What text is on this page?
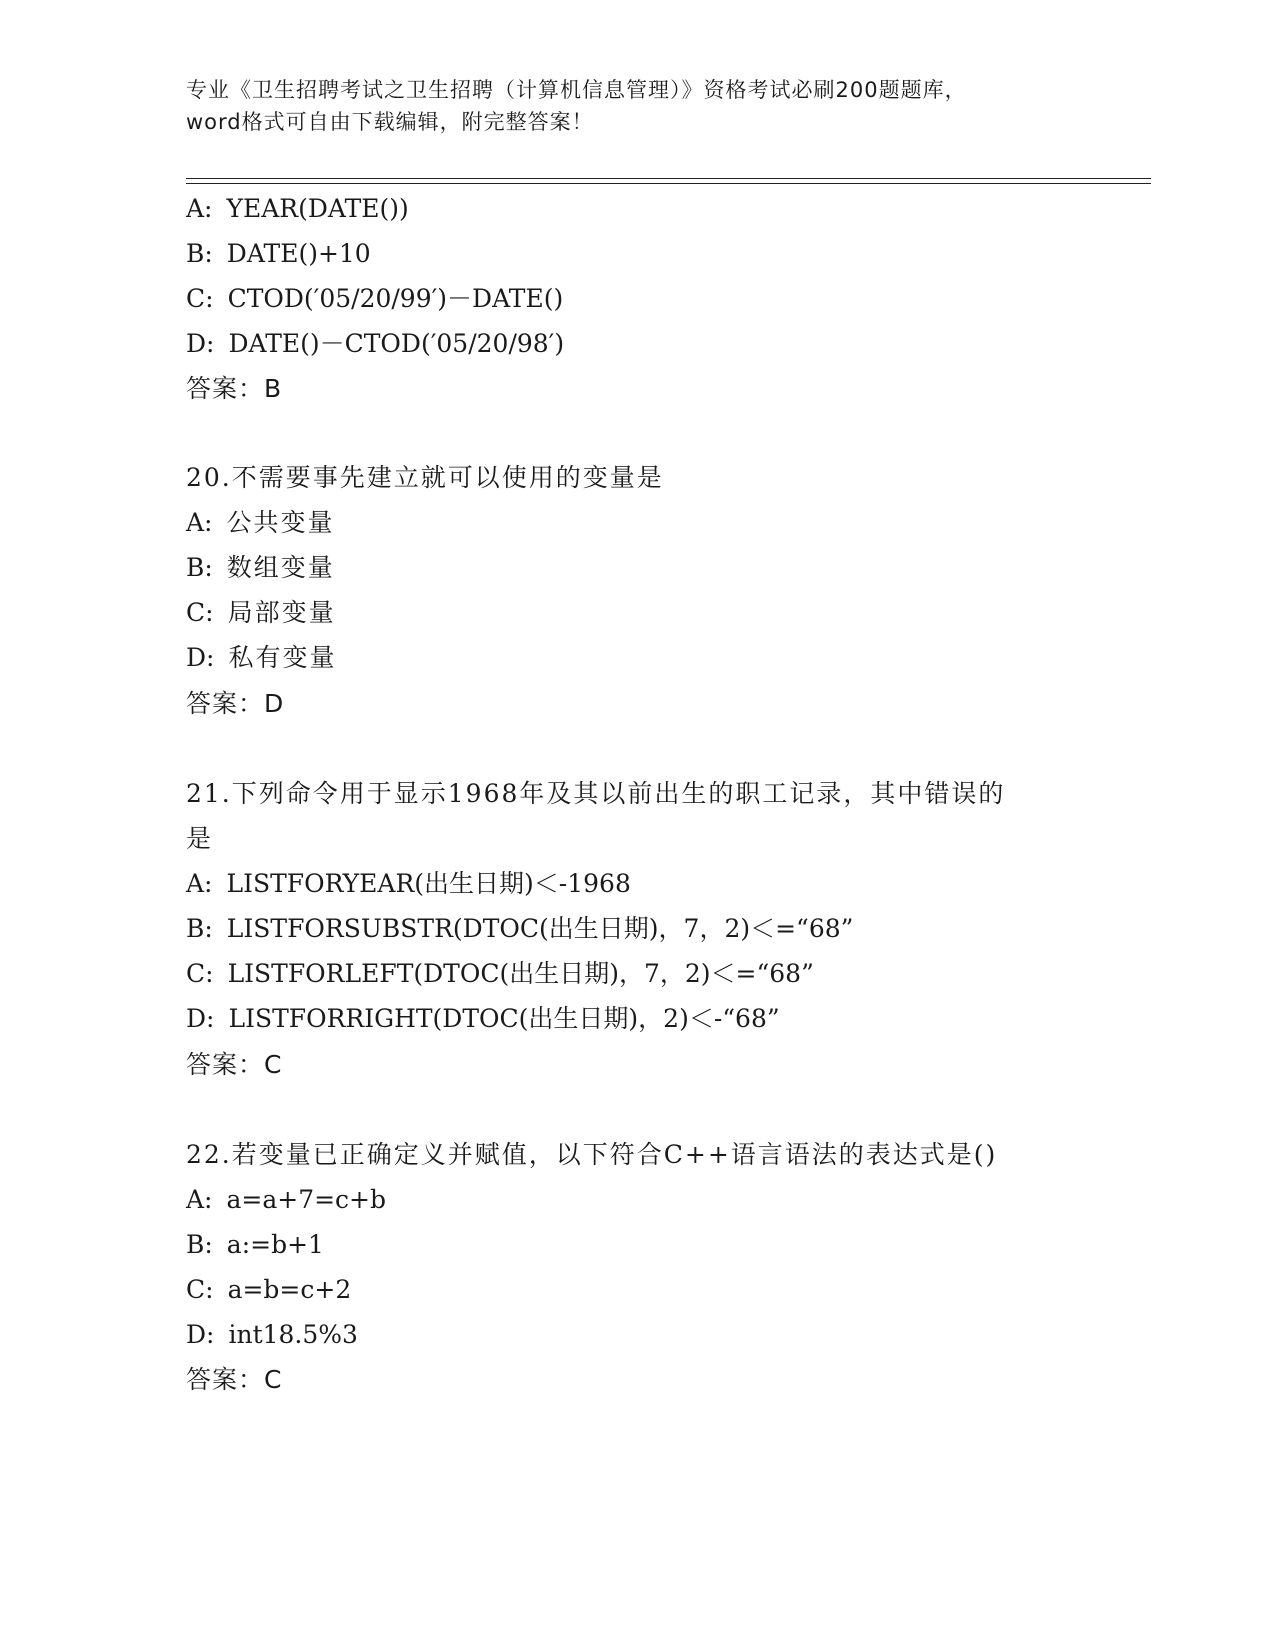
专业《卫生招聘考试之卫生招聘（计算机信息管理）》资格考试必刷200题题库，
word格式可自由下载编辑，附完整答案！
A: YEAR(DATE())
B: DATE()+10
C: CTOD(′05/20/99′)－DATE()
D: DATE()－CTOD(′05/20/98′)
答案：B
20.不需要事先建立就可以使用的变量是
A: 公共变量
B: 数组变量
C: 局部变量
D: 私有变量
答案：D
21.下列命令用于显示1968年及其以前出生的职工记录，其中错误的
是
A: LISTFORYEAR(出生日期)＜-1968
B: LISTFORSUBSTR(DTOC(出生日期)，7，2)＜=“68”
C: LISTFORLEFT(DTOC(出生日期)，7，2)＜=“68”
D: LISTFORRIGHT(DTOC(出生日期)，2)＜-“68”
答案：C
22.若变量已正确定义并赋值，以下符合C++语言语法的表达式是()
A: a=a+7=c+b
B: a:=b+1
C: a=b=c+2
D: int18.5%3
答案：C
